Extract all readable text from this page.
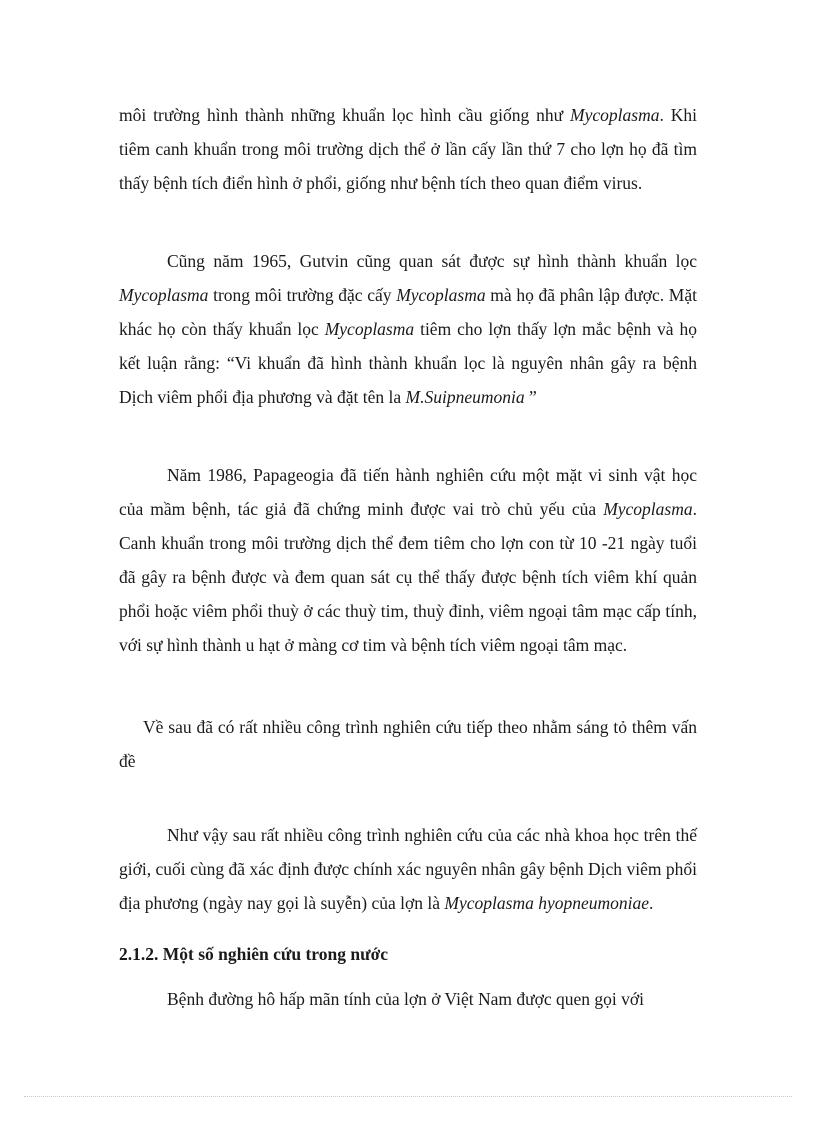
môi trường hình thành những khuẩn lọc hình cầu giống như Mycoplasma. Khi tiêm canh khuẩn trong môi trường dịch thể ở lần cấy lần thứ 7 cho lợn họ đã tìm thấy bệnh tích điển hình ở phổi, giống như bệnh tích theo quan điểm virus.

Cũng năm 1965, Gutvin cũng quan sát được sự hình thành khuẩn lọc Mycoplasma trong môi trường đặc cấy Mycoplasma mà họ đã phân lập được. Mặt khác họ còn thấy khuẩn lọc Mycoplasma tiêm cho lợn thấy lợn mắc bệnh và họ kết luận rằng: “Vi khuẩn đã hình thành khuẩn lọc là nguyên nhân gây ra bệnh Dịch viêm phổi địa phương và đặt tên la M.Suipneumonia ”

Năm 1986, Papageogia đã tiến hành nghiên cứu một mặt vi sinh vật học của mầm bệnh, tác giả đã chứng minh được vai trò chủ yếu của Mycoplasma. Canh khuẩn trong môi trường dịch thể đem tiêm cho lợn con từ 10 -21 ngày tuổi đã gây ra bệnh được và đem quan sát cụ thể thấy được bệnh tích viêm khí quản phổi hoặc viêm phổi thuỳ ở các thuỳ tim, thuỳ đỉnh, viêm ngoại tâm mạc cấp tính, với sự hình thành u hạt ở màng cơ tim và bệnh tích viêm ngoại tâm mạc.

Về sau đã có rất nhiều công trình nghiên cứu tiếp theo nhằm sáng tỏ thêm vấn đề

Như vậy sau rất nhiều công trình nghiên cứu của các nhà khoa học trên thế giới, cuối cùng đã xác định được chính xác nguyên nhân gây bệnh Dịch viêm phổi địa phương (ngày nay gọi là suyễn) của lợn là Mycoplasma hyopneumoniae.

2.1.2. Một số nghiên cứu trong nước

Bệnh đường hô hấp mãn tính của lợn ở Việt Nam được quen gọi với
